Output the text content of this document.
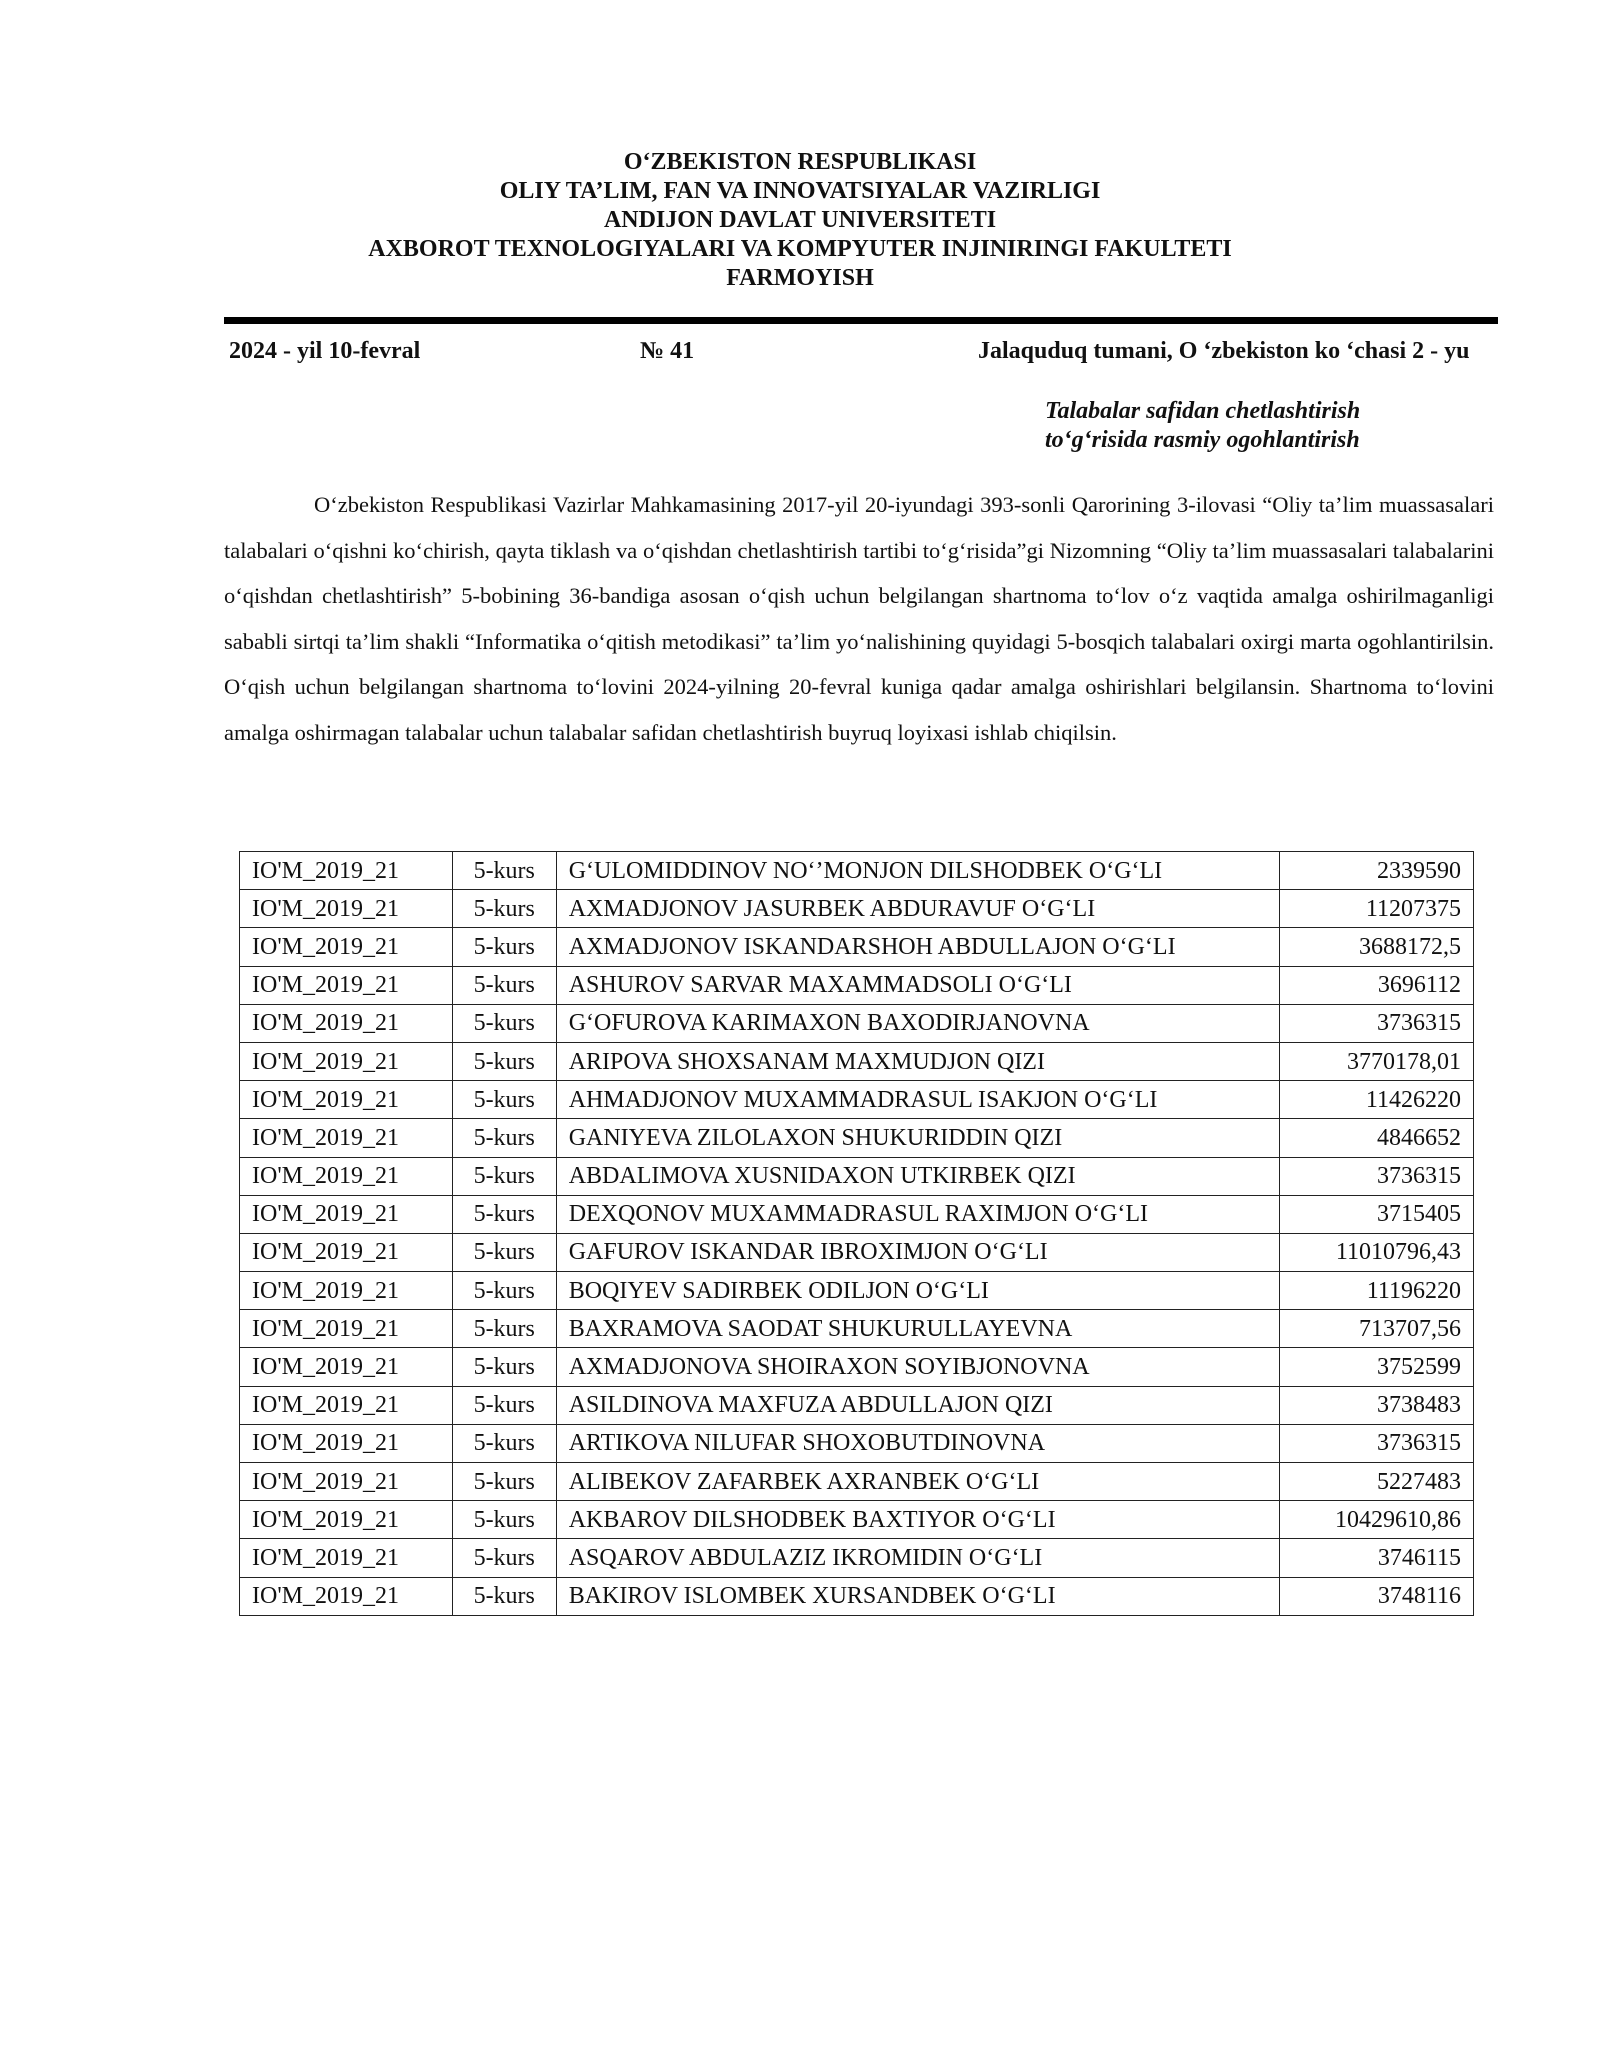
O‘ZBEKISTON RESPUBLIKASI
OLIY TA’LIM, FAN VA INNOVATSIYALAR VAZIRLIGI
ANDIJON DAVLAT UNIVERSITETI
AXBOROT TEXNOLOGIYALARI VA KOMPYUTER INJINIRINGI FAKULTETI
FARMOYISH
2024 - yil 10-fevral	№ 41	Jalaquduq tumani, O ‘zbekiston ko ‘chasi 2 - yu
Talabalar safidan chetlashtirish
to‘g‘risida rasmiy ogohlantirish

O‘zbekiston Respublikasi Vazirlar Mahkamasining 2017-yil 20-iyundagi 393-sonli Qarorining 3-ilovasi “Oliy ta’lim muassasalari talabalari o‘qishni ko‘chirish, qayta tiklash va o‘qishdan chetlashtirish tartibi to‘g‘risida”gi Nizomning “Oliy ta’lim muassasalari talabalarini o‘qishdan chetlashtirish” 5-bobining 36-bandiga asosan o‘qish uchun belgilangan shartnoma to‘lov o‘z vaqtida amalga oshirilmaganligi sababli sirtqi ta’lim shakli “Informatika o‘qitish metodikasi” ta’lim yo‘nalishining quyidagi 5-bosqich talabalari oxirgi marta ogohlantirilsin. O‘qish uchun belgilangan shartnoma to‘lovini 2024-yilning 20-fevral kuniga qadar amalga oshirishlari belgilansin. Shartnoma to‘lovini amalga oshirmagan talabalar uchun talabalar safidan chetlashtirish buyruq loyixasi ishlab chiqilsin.

IO'M_2019_21	5-kurs	G‘ULOMIDDINOV NO‘’MONJON DILSHODBEK O‘G‘LI	2339590
IO'M_2019_21	5-kurs	AXMADJONOV JASURBEK ABDURAVUF O‘G‘LI	11207375
IO'M_2019_21	5-kurs	AXMADJONOV ISKANDARSHOH ABDULLAJON O‘G‘LI	3688172,5
IO'M_2019_21	5-kurs	ASHUROV SARVAR MAXAMMADSOLI O‘G‘LI	3696112
IO'M_2019_21	5-kurs	G‘OFUROVA KARIMAXON BAXODIRJANOVNA	3736315
IO'M_2019_21	5-kurs	ARIPOVA SHOXSANAM MAXMUDJON QIZI	3770178,01
IO'M_2019_21	5-kurs	AHMADJONOV MUXAMMADRASUL ISAKJON O‘G‘LI	11426220
IO'M_2019_21	5-kurs	GANIYEVA ZILOLAXON SHUKURIDDIN QIZI	4846652
IO'M_2019_21	5-kurs	ABDALIMOVA XUSNIDAXON UTKIRBEK QIZI	3736315
IO'M_2019_21	5-kurs	DEXQONOV MUXAMMADRASUL RAXIMJON O‘G‘LI	3715405
IO'M_2019_21	5-kurs	GAFUROV ISKANDAR IBROXIMJON O‘G‘LI	11010796,43
IO'M_2019_21	5-kurs	BOQIYEV SADIRBEK ODILJON O‘G‘LI	11196220
IO'M_2019_21	5-kurs	BAXRAMOVA SAODAT SHUKURULLAYEVNA	713707,56
IO'M_2019_21	5-kurs	AXMADJONOVA SHOIRAXON SOYIBJONOVNA	3752599
IO'M_2019_21	5-kurs	ASILDINOVA MAXFUZA ABDULLAJON QIZI	3738483
IO'M_2019_21	5-kurs	ARTIKOVA NILUFAR SHOXOBUTDINOVNA	3736315
IO'M_2019_21	5-kurs	ALIBEKOV ZAFARBEK AXRANBEK O‘G‘LI	5227483
IO'M_2019_21	5-kurs	AKBAROV DILSHODBEK BAXTIYOR O‘G‘LI	10429610,86
IO'M_2019_21	5-kurs	ASQAROV ABDULAZIZ IKROMIDIN O‘G‘LI	3746115
IO'M_2019_21	5-kurs	BAKIROV ISLOMBEK XURSANDBEK O‘G‘LI	3748116
